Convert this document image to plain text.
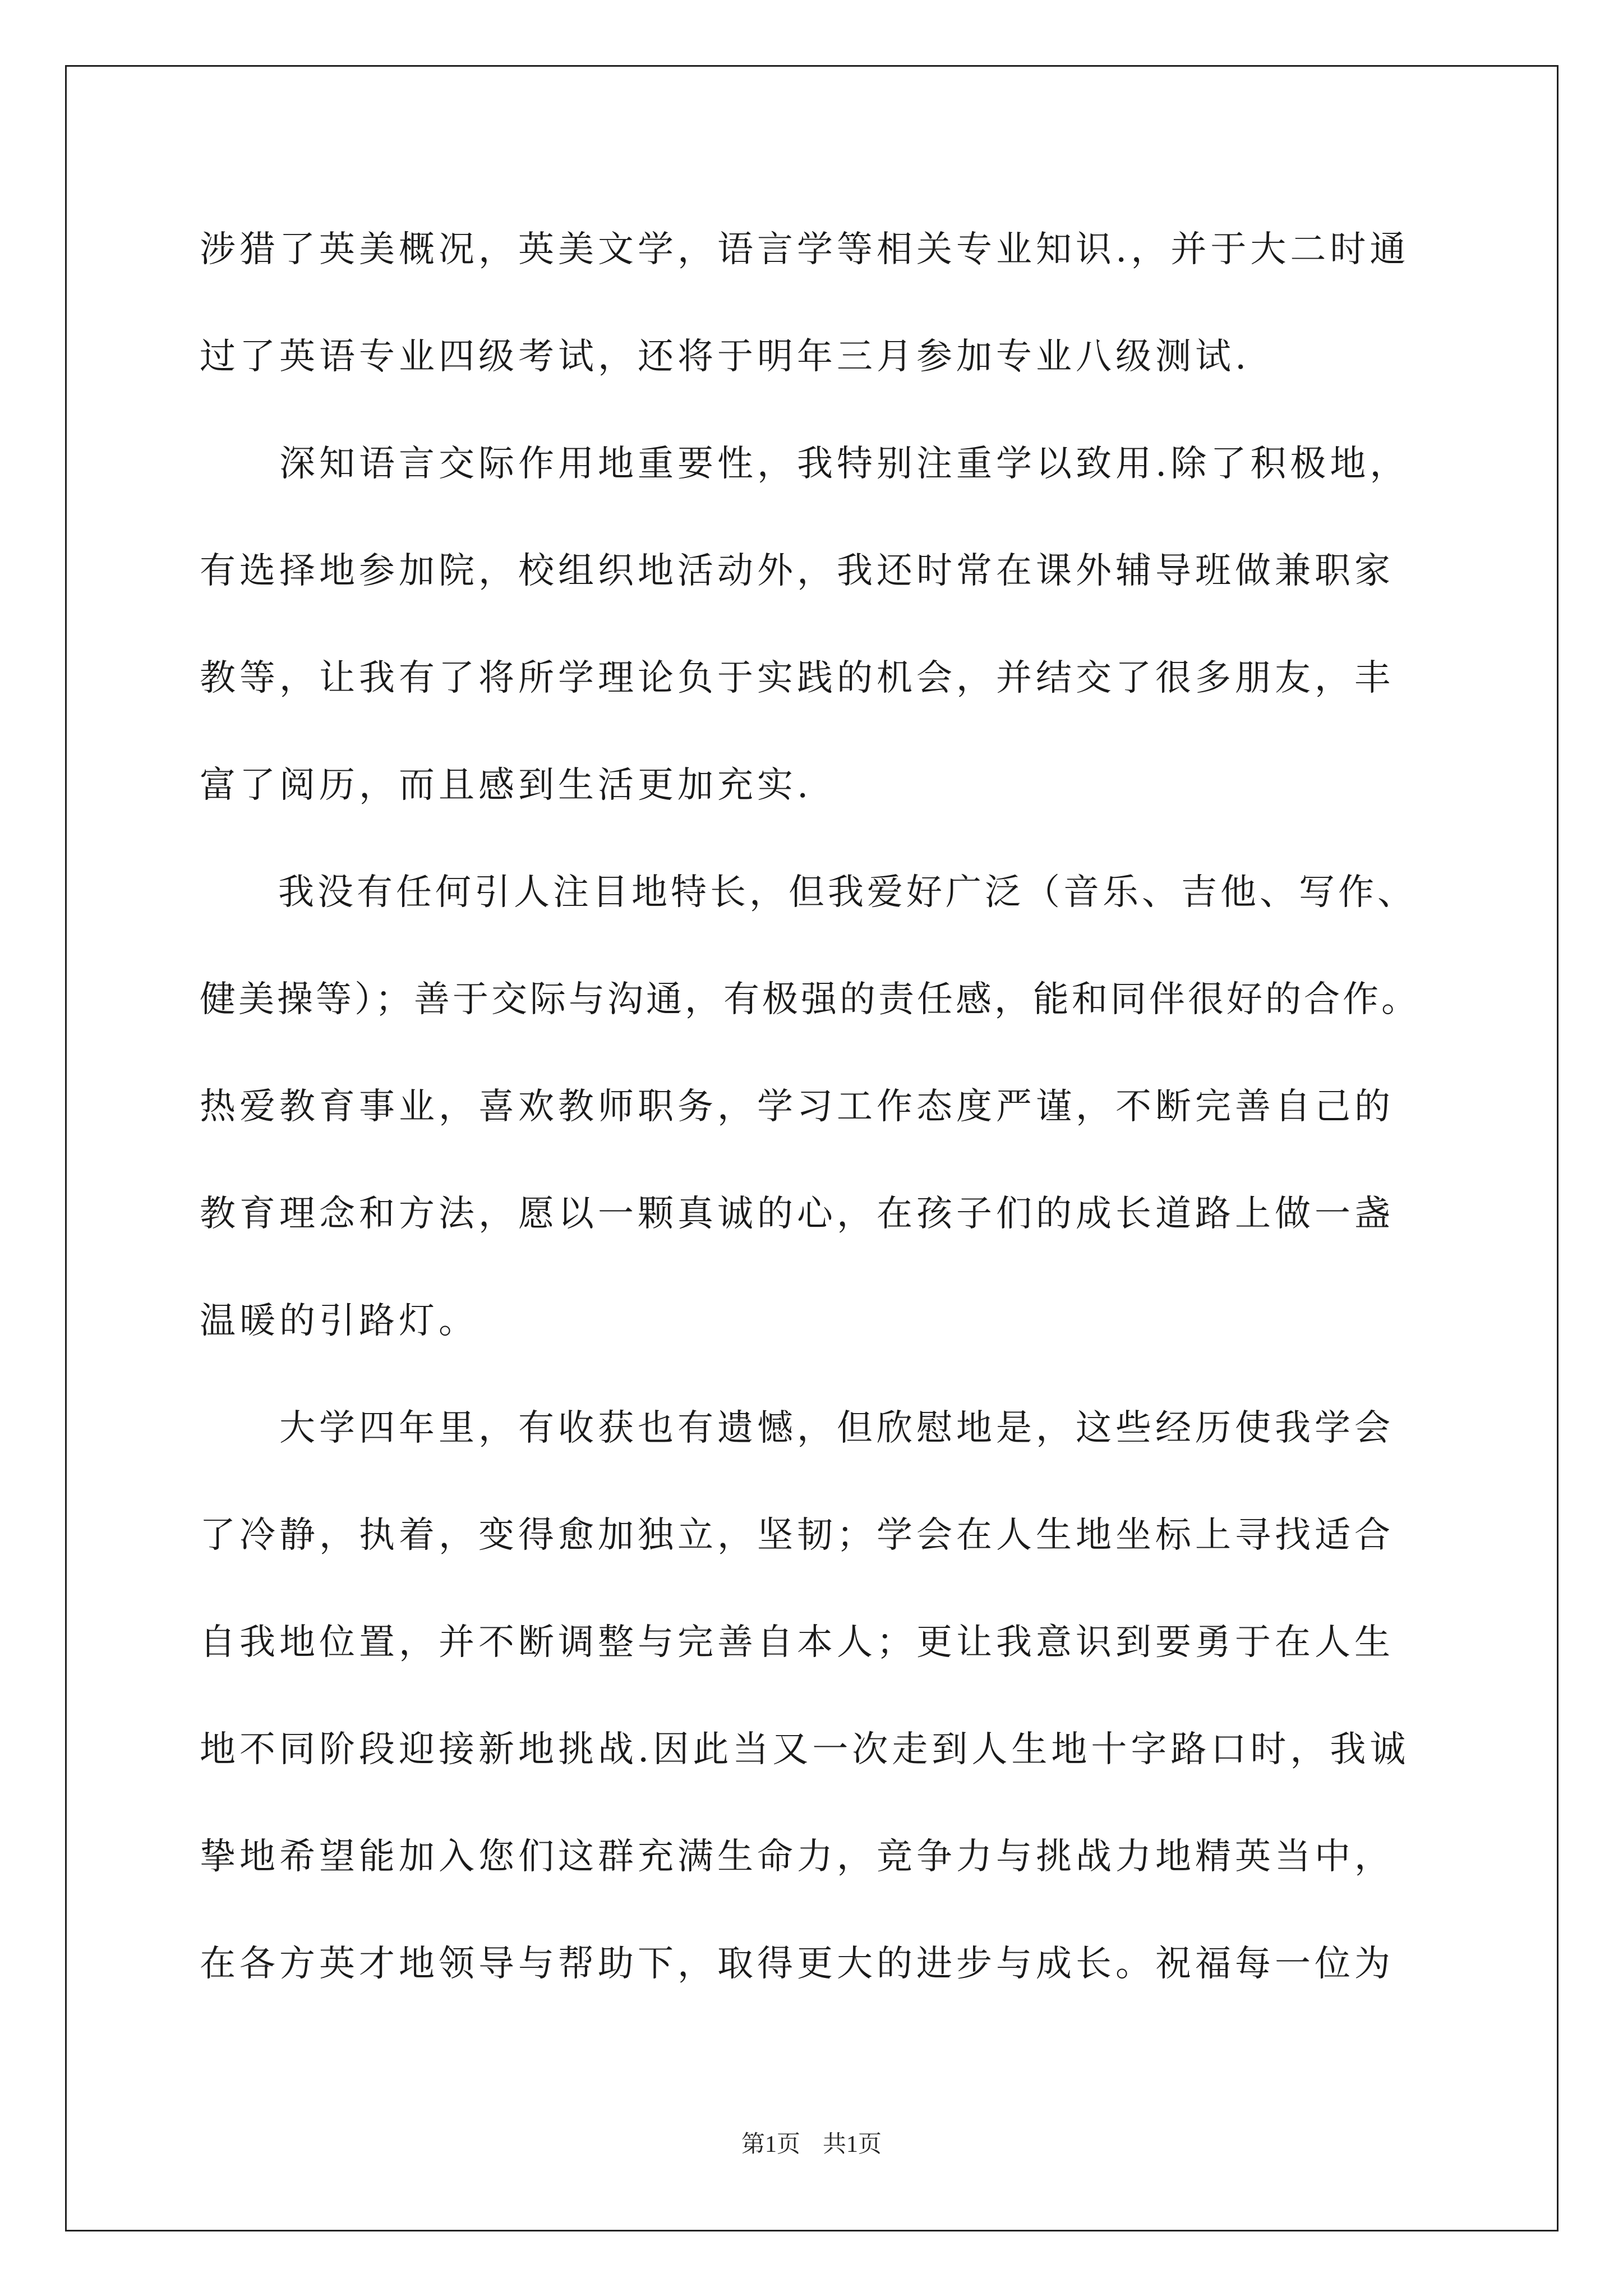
涉猎了英美概况，英美文学，语言学等相关专业知识.，并于大二时通
过了英语专业四级考试，还将于明年三月参加专业八级测试.
　　深知语言交际作用地重要性，我特别注重学以致用.除了积极地，
有选择地参加院，校组织地活动外，我还时常在课外辅导班做兼职家
教等，让我有了将所学理论负于实践的机会，并结交了很多朋友，丰
富了阅历，而且感到生活更加充实.
　　我没有任何引人注目地特长，但我爱好广泛（音乐、吉他、写作、
健美操等）；善于交际与沟通，有极强的责任感，能和同伴很好的合作。
热爱教育事业，喜欢教师职务，学习工作态度严谨，不断完善自己的
教育理念和方法，愿以一颗真诚的心，在孩子们的成长道路上做一盏
温暖的引路灯。
　　大学四年里，有收获也有遗憾，但欣慰地是，这些经历使我学会
了冷静，执着，变得愈加独立，坚韧；学会在人生地坐标上寻找适合
自我地位置，并不断调整与完善自本人；更让我意识到要勇于在人生
地不同阶段迎接新地挑战.因此当又一次走到人生地十字路口时，我诚
挚地希望能加入您们这群充满生命力，竞争力与挑战力地精英当中，
在各方英才地领导与帮助下，取得更大的进步与成长。祝福每一位为
第1页 共1页
